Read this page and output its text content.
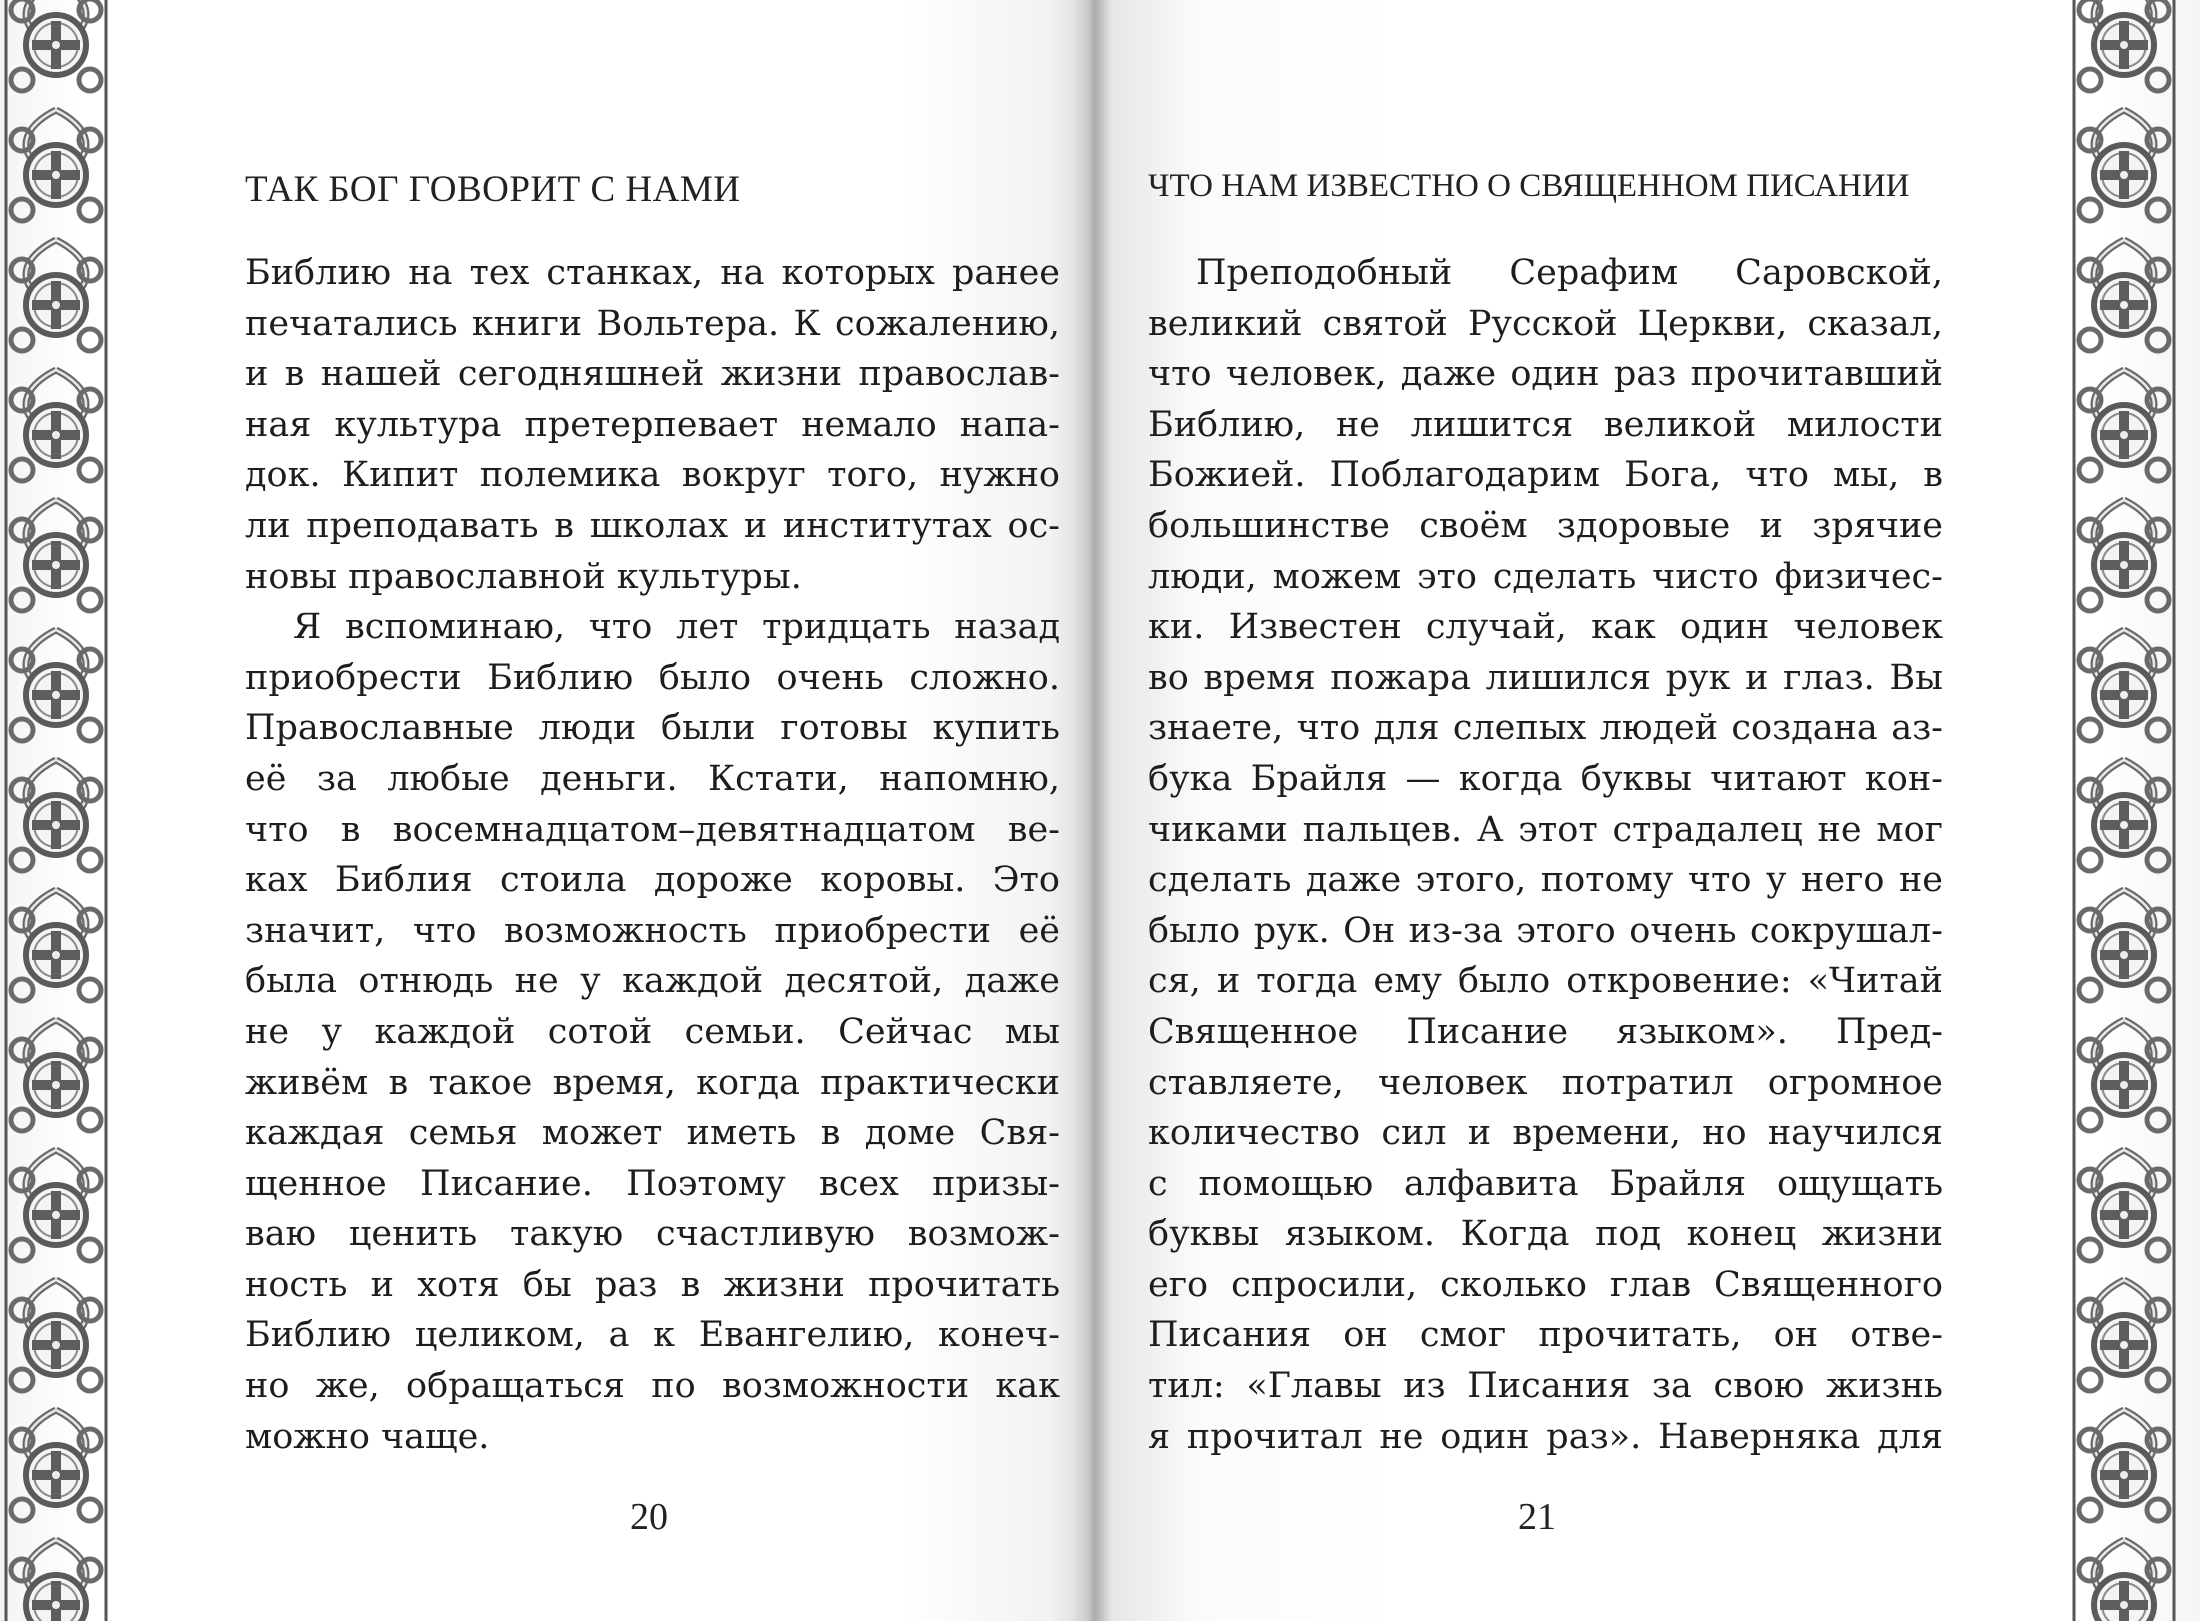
ТАК БОГ ГОВОРИТ С НАМИ
Библию на тех станках, на которых ранее
печатались книги Вольтера. К сожалению,
и в нашей сегодняшней жизни православ-
ная культура претерпевает немало напа-
док. Кипит полемика вокруг того, нужно
ли преподавать в школах и институтах ос-
новы православной культуры.
Я вспоминаю, что лет тридцать назад
приобрести Библию было очень сложно.
Православные люди были готовы купить
её за любые деньги. Кстати, напомню,
что в восемнадцатом–девятнадцатом ве-
ках Библия стоила дороже коровы. Это
значит, что возможность приобрести её
была отнюдь не у каждой десятой, даже
не у каждой сотой семьи. Сейчас мы
живём в такое время, когда практически
каждая семья может иметь в доме Свя-
щенное Писание. Поэтому всех призы-
ваю ценить такую счастливую возмож-
ность и хотя бы раз в жизни прочитать
Библию целиком, а к Евангелию, конеч-
но же, обращаться по возможности как
можно чаще.
20
ЧТО НАМ ИЗВЕСТНО О СВЯЩЕННОМ ПИСАНИИ
Преподобный Серафим Саровской,
великий святой Русской Церкви, сказал,
что человек, даже один раз прочитавший
Библию, не лишится великой милости
Божией. Поблагодарим Бога, что мы, в
большинстве своём здоровые и зрячие
люди, можем это сделать чисто физичес-
ки. Известен случай, как один человек
во время пожара лишился рук и глаз. Вы
знаете, что для слепых людей создана аз-
бука Брайля — когда буквы читают кон-
чиками пальцев. А этот страдалец не мог
сделать даже этого, потому что у него не
было рук. Он из-за этого очень сокрушал-
ся, и тогда ему было откровение: «Читай
Священное Писание языком». Пред-
ставляете, человек потратил огромное
количество сил и времени, но научился
с помощью алфавита Брайля ощущать
буквы языком. Когда под конец жизни
его спросили, сколько глав Священного
Писания он смог прочитать, он отве-
тил: «Главы из Писания за свою жизнь
я прочитал не один раз». Наверняка для
21
